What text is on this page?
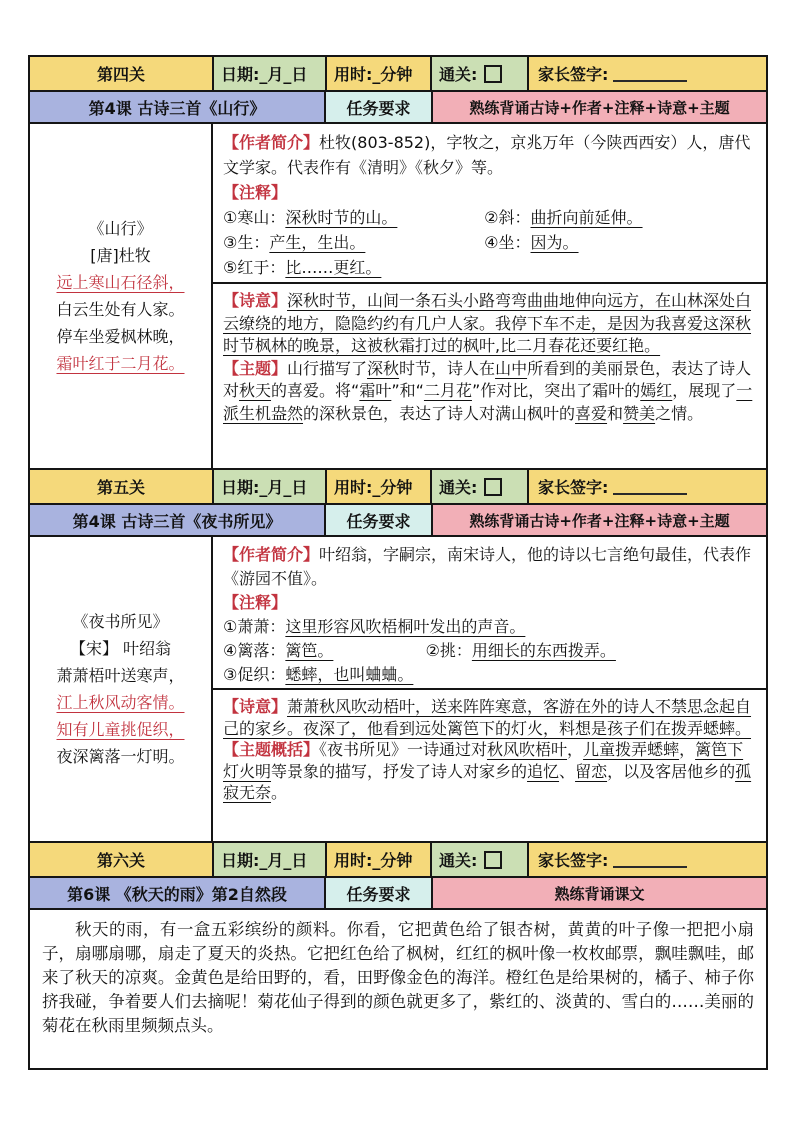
第四关	日期:_月_日 用时:_分钟 通关:	家长签字:
第4课 古诗三首《山行》	任务要求	熟练背诵古诗+作者+注释+诗意+主题
《山行》
[唐]杜牧
远上寒山石径斜，
白云生处有人家。
停车坐爱枫林晚，
霜叶红于二月花。
【作者简介】杜牧(803-852)，字牧之，京兆万年（今陕西西安）人，唐代文学家。代表作有《清明》《秋夕》等。
【注释】
①寒山：深秋时节的山。	②斜：曲折向前延伸。
③生：产生，生出。	④坐：因为。
⑤红于：比……更红。
【诗意】深秋时节，山间一条石头小路弯弯曲曲地伸向远方，在山林深处白云缭绕的地方，隐隐约约有几户人家。我停下车不走，是因为我喜爱这深秋时节枫林的晚景，这被秋霜打过的枫叶,比二月春花还要红艳。
【主题】山行描写了深秋时节，诗人在山中所看到的美丽景色，表达了诗人对秋天的喜爱。将“霜叶”和“二月花”作对比，突出了霜叶的嫣红，展现了一派生机盎然的深秋景色，表达了诗人对满山枫叶的喜爱和赞美之情。
第五关	日期:_月_日 用时:_分钟 通关:	家长签字:
第4课 古诗三首《夜书所见》	任务要求	熟练背诵古诗+作者+注释+诗意+主题
《夜书所见》
【宋】 叶绍翁
萧萧梧叶送寒声，
江上秋风动客情。
知有儿童挑促织，
夜深篱落一灯明。
【作者简介】叶绍翁，字嗣宗，南宋诗人，他的诗以七言绝句最佳，代表作《游园不值》。
【注释】
①萧萧：这里形容风吹梧桐叶发出的声音。
④篱落：篱笆。	②挑：用细长的东西拨弄。
③促织：蟋蟀，也叫蛐蛐。
【诗意】萧萧秋风吹动梧叶，送来阵阵寒意，客游在外的诗人不禁思念起自己的家乡。夜深了，他看到远处篱笆下的灯火，料想是孩子们在拨弄蟋蟀。
【主题概括】《夜书所见》一诗通过对秋风吹梧叶，儿童拨弄蟋蟀，篱笆下灯火明等景象的描写，抒发了诗人对家乡的追忆、留恋，以及客居他乡的孤寂无奈。
第六关	日期:_月_日 用时:_分钟 通关:	家长签字:
第6课 《秋天的雨》第2自然段	任务要求	熟练背诵课文
秋天的雨，有一盒五彩缤纷的颜料。你看，它把黄色给了银杏树，黄黄的叶子像一把把小扇子，扇哪扇哪，扇走了夏天的炎热。它把红色给了枫树，红红的枫叶像一枚枚邮票，飘哇飘哇，邮来了秋天的凉爽。金黄色是给田野的，看，田野像金色的海洋。橙红色是给果树的，橘子、柿子你挤我碰，争着要人们去摘呢！菊花仙子得到的颜色就更多了，紫红的、淡黄的、雪白的……美丽的菊花在秋雨里频频点头。
